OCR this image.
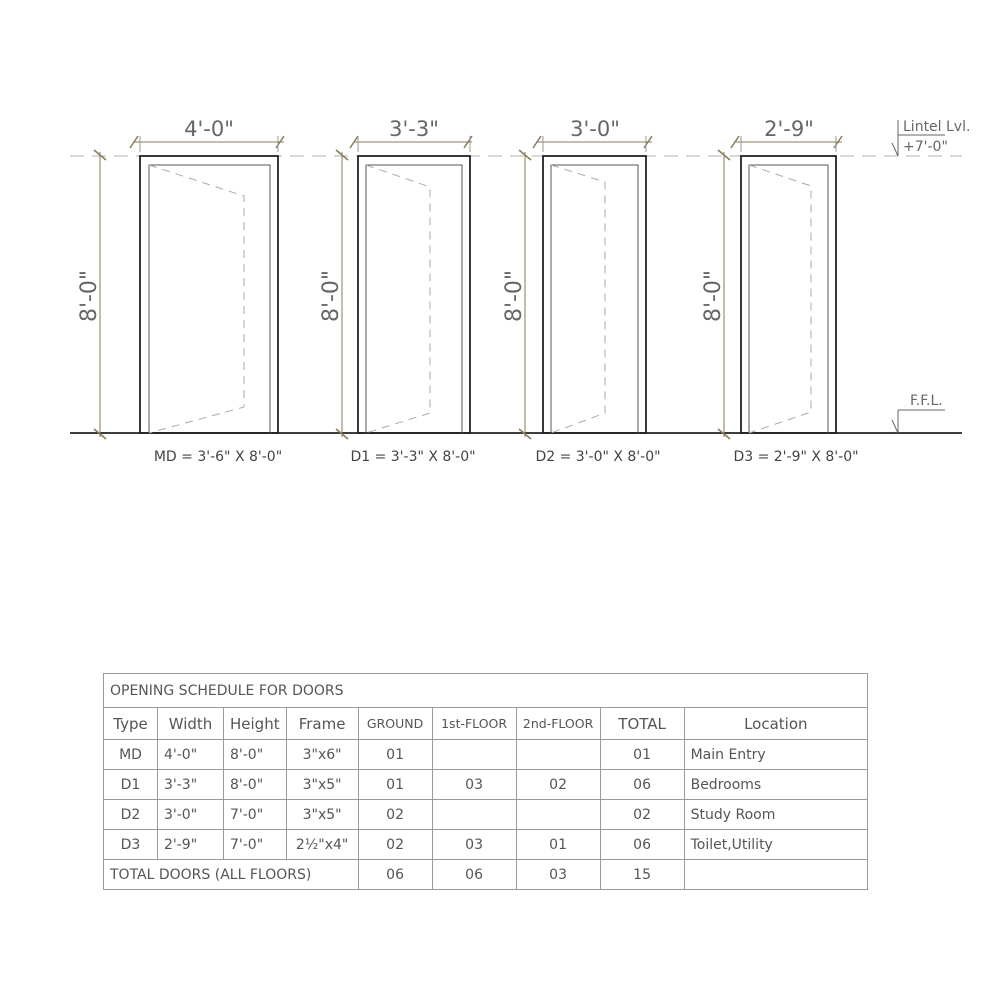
Lintel Lvl.
+7'-0"
F.F.L.
4'-0"
8'-0"
MD = 3'-6" X 8'-0"
3'-3"
8'-0"
D1 = 3'-3" X 8'-0"
3'-0"
8'-0"
D2 = 3'-0" X 8'-0"
2'-9"
8'-0"
D3 = 2'-9" X 8'-0"
OPENING SCHEDULE FOR DOORS								
Type	Width	Height	Frame	GROUND	1st-FLOOR	2nd-FLOOR	TOTAL	Location
MD	4'-0"	8'-0"	3"x6"	01			01	Main Entry
D1	3'-3"	8'-0"	3"x5"	01	03	02	06	Bedrooms
D2	3'-0"	7'-0"	3"x5"	02			02	Study Room
D3	2'-9"	7'-0"	2½"x4"	02	03	01	06	Toilet,Utility
TOTAL DOORS (ALL FLOORS)				06	06	03	15	
